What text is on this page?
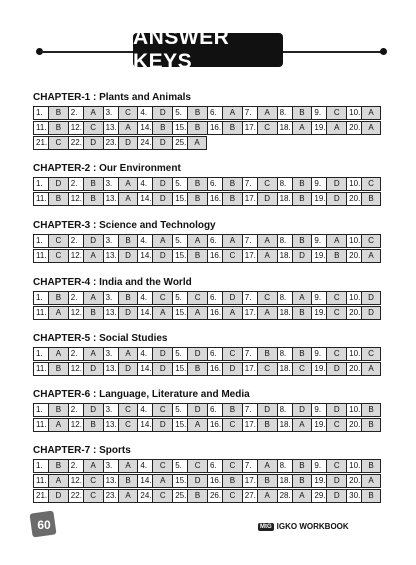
ANSWER KEYS
CHAPTER-1 : Plants and Animals
1.	B	2.	A	3.	C	4.	D	5.	B	6.	A	7.	A	8.	B	9.	C	10.	A
11.	B	12.	C	13.	A	14.	B	15.	B	16.	B	17.	C	18.	A	19.	A	20.	A
21.	C	22.	D	23.	D	24.	D	25.	A
CHAPTER-2 : Our Environment
1.	D	2.	B	3.	A	4.	D	5.	B	6.	B	7.	C	8.	B	9.	D	10. C
11.	B	12.	B	13.	A	14.	D	15.	B	16.	B	17.	D	18.	B	19.	D	20.	B
CHAPTER-3 : Science and Technology
1.	C	2.	D	3.	B	4.	A	5.	A	6.	A	7.	A	8.	B	9.	A	10. C
11.	C	12.	A	13.	D	14.	D	15.	B	16.	C	17.	A	18.	D	19.	B	20.	A
CHAPTER-4 : India and the World
1.	B	2.	A	3.	B	4.	C	5.	C	6.	D	7.	C	8.	A	9.	C	10. D
11.	A	12.	B	13.	D	14.	A	15.	A	16.	A	17.	A	18.	B	19.	C	20. D
CHAPTER-5 : Social Studies
1.	A	2.	A	3.	A	4.	D	5.	D	6.	C	7.	B	8.	B	9.	C	10. C
11.	B	12.	D	13.	D	14.	D	15.	B	16.	D	17.	C	18.	C	19.	D	20.	A
CHAPTER-6 : Language, Literature and Media
1.	B	2.	D	3.	C	4.	C	5.	D	6.	B	7.	D	8.	D	9.	D	10.	B
11.	A	12.	B	13.	C	14.	D	15.	A	16.	C	17.	B	18.	A	19.	C	20.	B
CHAPTER-7 : Sports
1.	B	2.	A	3.	A	4.	C	5.	C	6.	C	7.	A	8.	B	9.	C	10.	B
11.	A	12.	C	13.	B	14.	A	15.	D	16.	B	17.	B	18.	B	19.	D	20.	A
21.	D	22.	C	23.	A	24.	C	25.	B	26.	C	27.	A	28.	A	29.	D	30.	B
60	MtG IGKO WORKBOOK
